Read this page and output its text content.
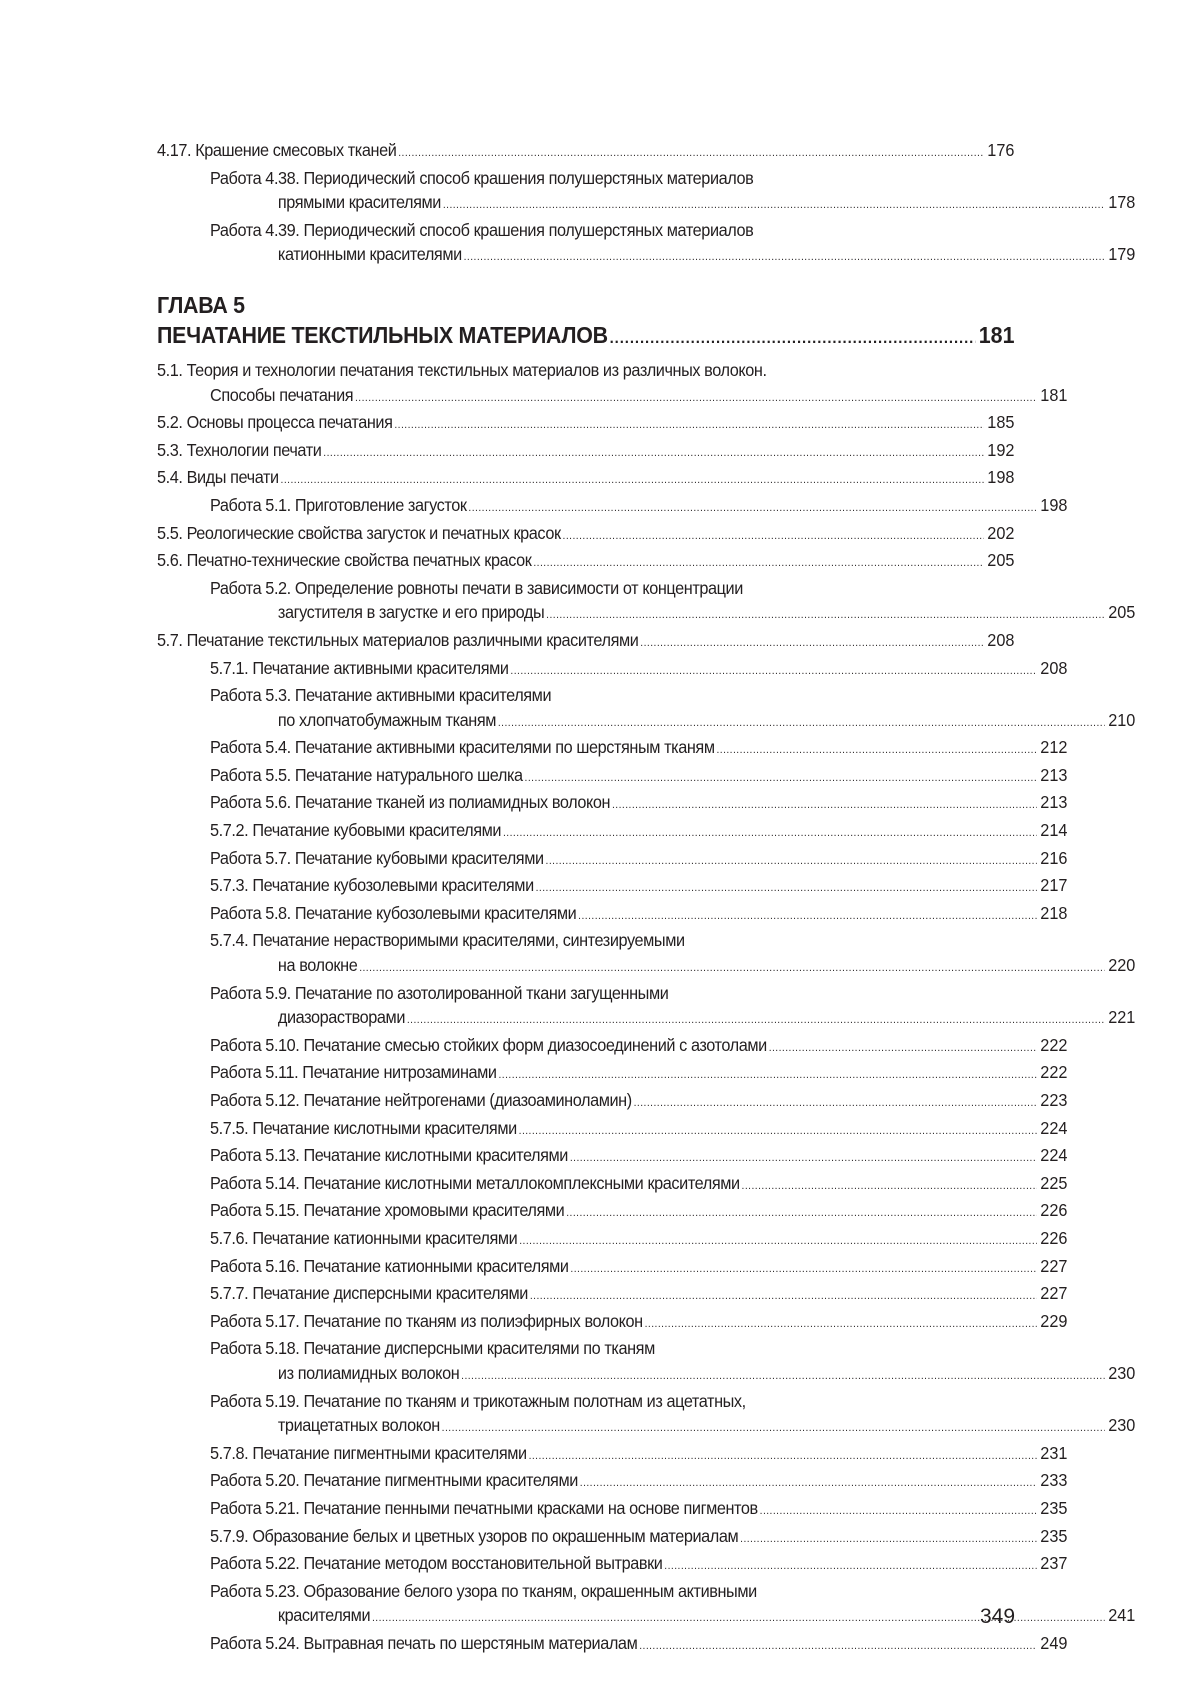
4.17. Крашение смесовых тканей .....	176
Работа 4.38. Периодический способ крашения полушерстяных материалов
прямыми красителями .....	178
Работа 4.39. Периодический способ крашения полушерстяных материалов
катионными красителями .....	179
ГЛАВА 5
ПЕЧАТАНИЕ ТЕКСТИЛЬНЫХ МАТЕРИАЛОВ .....	181
5.1. Теория и технологии печатания текстильных материалов из различных волокон.
Способы печатания .....	181
5.2. Основы процесса печатания .....	185
5.3. Технологии печати .....	192
5.4. Виды печати .....	198
Работа 5.1. Приготовление загусток .....	198
5.5. Реологические свойства загусток и печатных красок .....	202
5.6. Печатно-технические свойства печатных красок .....	205
Работа 5.2. Определение ровноты печати в зависимости от концентрации
загустителя в загустке и его природы .....	205
5.7. Печатание текстильных материалов различными красителями .....	208
5.7.1. Печатание активными красителями .....	208
Работа 5.3. Печатание активными красителями
по хлопчатобумажным тканям .....	210
Работа 5.4. Печатание активными красителями по шерстяным тканям .....	212
Работа 5.5. Печатание натурального шелка .....	213
Работа 5.6. Печатание тканей из полиамидных волокон .....	213
5.7.2. Печатание кубовыми красителями .....	214
Работа 5.7. Печатание кубовыми красителями .....	216
5.7.3. Печатание кубозолевыми красителями .....	217
Работа 5.8. Печатание кубозолевыми красителями .....	218
5.7.4. Печатание нерастворимыми красителями, синтезируемыми
на волокне .....	220
Работа 5.9. Печатание по азотолированной ткани загущенными
диазорастворами .....	221
Работа 5.10. Печатание смесью стойких форм диазосоединений с азотолами .....	222
Работа 5.11. Печатание нитрозаминами .....	222
Работа 5.12. Печатание нейтрогенами (диазоаминоламин) .....	223
5.7.5. Печатание кислотными красителями .....	224
Работа 5.13. Печатание кислотными красителями .....	224
Работа 5.14. Печатание кислотными металлокомплексными красителями .....	225
Работа 5.15. Печатание хромовыми красителями .....	226
5.7.6. Печатание катионными красителями .....	226
Работа 5.16. Печатание катионными красителями .....	227
5.7.7. Печатание дисперсными красителями .....	227
Работа 5.17. Печатание по тканям из полиэфирных волокон .....	229
Работа 5.18. Печатание дисперсными красителями по тканям
из полиамидных волокон .....	230
Работа 5.19. Печатание по тканям и трикотажным полотнам из ацетатных,
триацетатных волокон .....	230
5.7.8. Печатание пигментными красителями .....	231
Работа 5.20. Печатание пигментными красителями .....	233
Работа 5.21. Печатание пенными печатными красками на основе пигментов .....	235
5.7.9. Образование белых и цветных узоров по окрашенным материалам .....	235
Работа 5.22. Печатание методом восстановительной вытравки .....	237
Работа 5.23. Образование белого узора по тканям, окрашенным активными
красителями .....	241
Работа 5.24. Вытравная печать по шерстяным материалам .....	249
349
